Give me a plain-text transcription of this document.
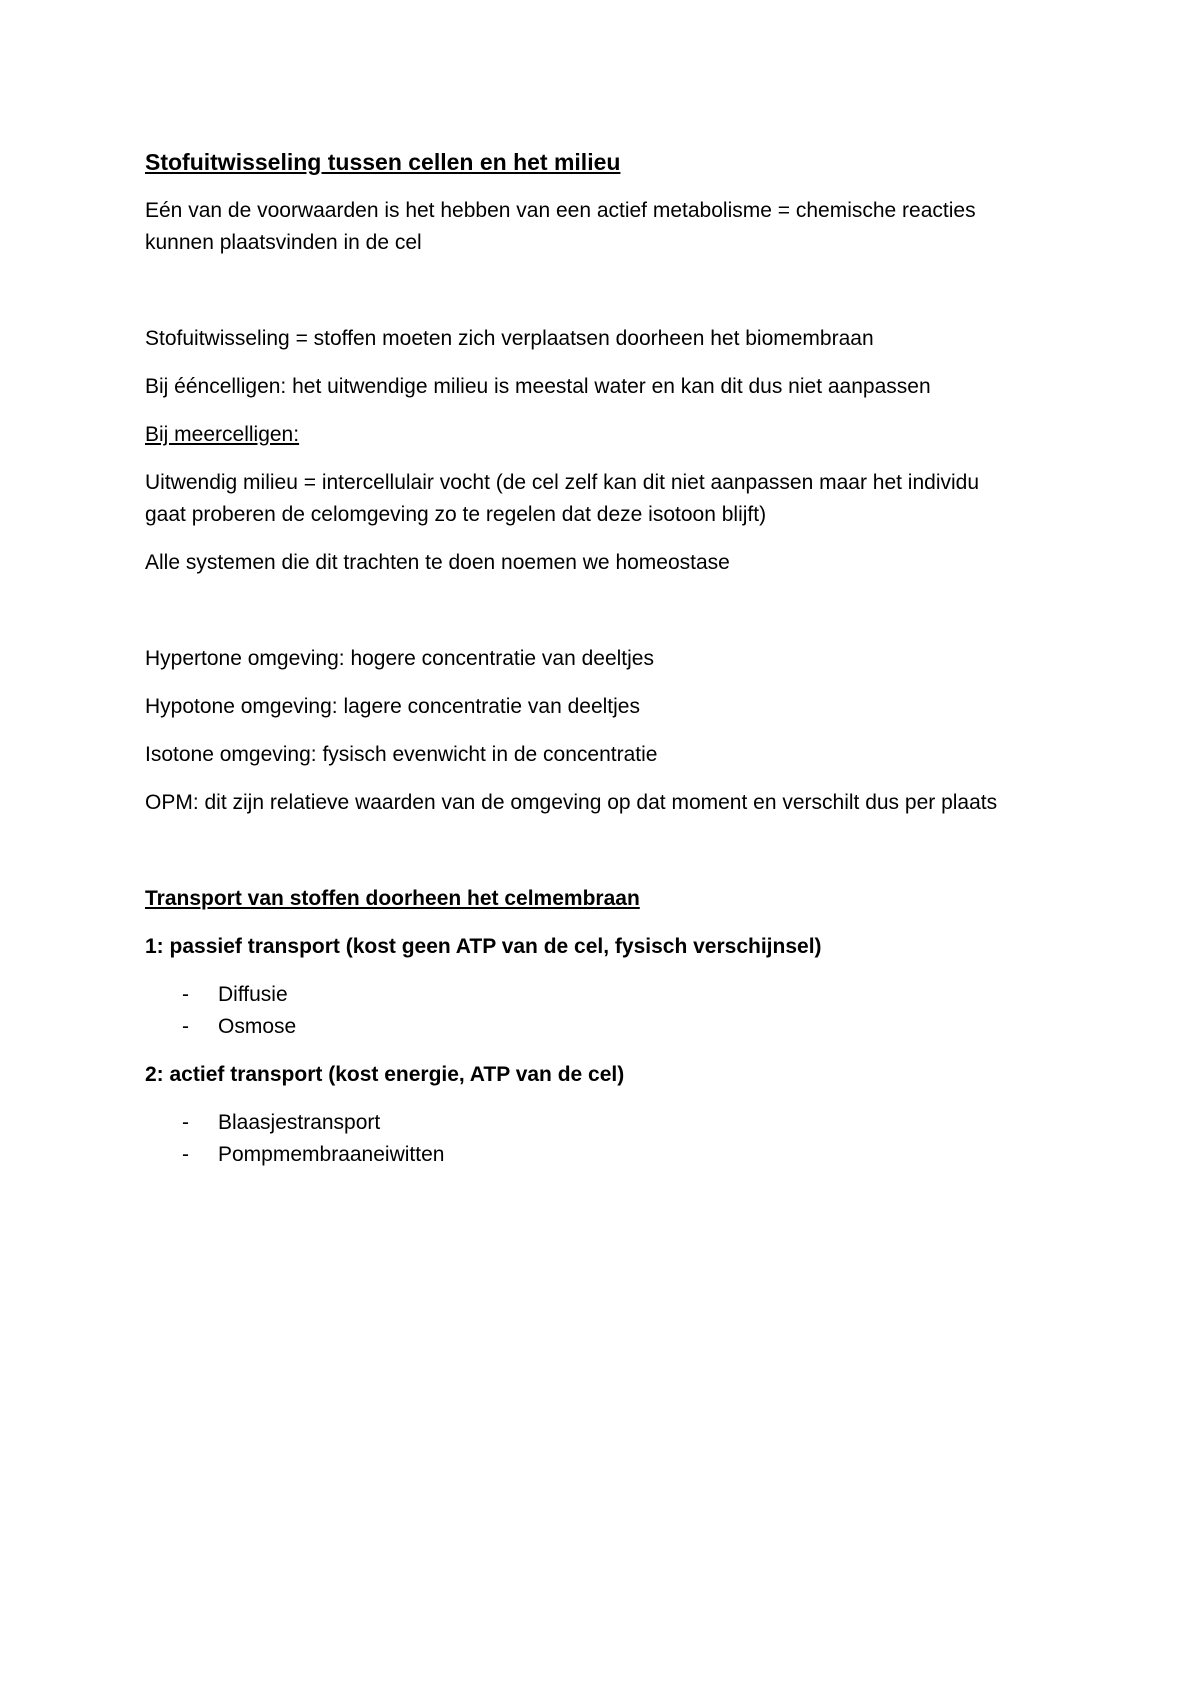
Stofuitwisseling tussen cellen en het milieu
Eén van de voorwaarden is het hebben van een actief metabolisme = chemische reacties
kunnen plaatsvinden in de cel
Stofuitwisseling = stoffen moeten zich verplaatsen doorheen het biomembraan
Bij ééncelligen: het uitwendige milieu is meestal water en kan dit dus niet aanpassen
Bij meercelligen:
Uitwendig milieu = intercellulair vocht (de cel zelf kan dit niet aanpassen maar het individu
gaat proberen de celomgeving zo te regelen dat deze isotoon blijft)
Alle systemen die dit trachten te doen noemen we homeostase
Hypertone omgeving: hogere concentratie van deeltjes
Hypotone omgeving: lagere concentratie van deeltjes
Isotone omgeving: fysisch evenwicht in de concentratie
OPM: dit zijn relatieve waarden van de omgeving op dat moment en verschilt dus per plaats
Transport van stoffen doorheen het celmembraan
1: passief transport (kost geen ATP van de cel, fysisch verschijnsel)
- Diffusie
- Osmose
2: actief transport (kost energie, ATP van de cel)
- Blaasjestransport
- Pompmembraaneiwitten
